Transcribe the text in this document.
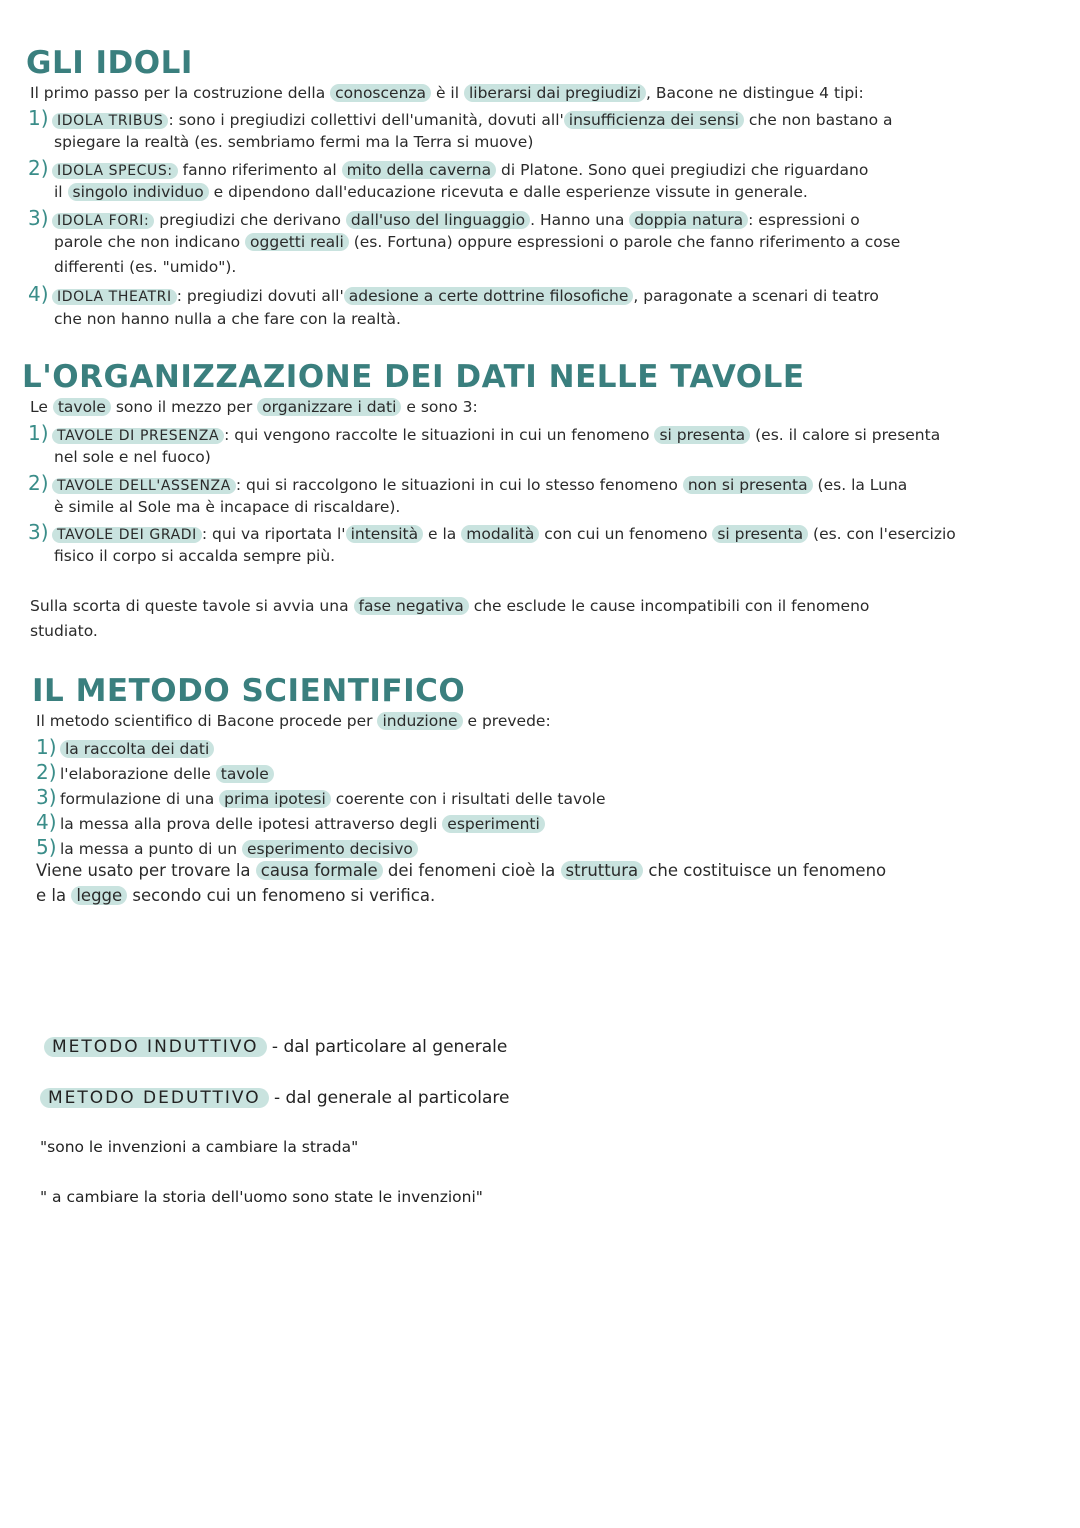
GLI IDOLI
Il primo passo per la costruzione della conoscenza è il liberarsi dai pregiudizi , Bacone ne distingue 4 tipi:
1) IDOLA TRIBUS : sono i pregiudizi collettivi dell'umanità, dovuti all' insufficienza dei sensi che non bastano a
spiegare la realtà (es. sembriamo fermi ma la Terra si muove)
2) IDOLA SPECUS: fanno riferimento al mito della caverna di Platone. Sono quei pregiudizi che riguardano
il singolo individuo e dipendono dall'educazione ricevuta e dalle esperienze vissute in generale.
3) IDOLA FORI: pregiudizi che derivano dall'uso del linguaggio . Hanno una doppia natura : espressioni o
parole che non indicano oggetti reali (es. Fortuna) oppure espressioni o parole che fanno riferimento a cose
differenti (es. "umido").
4) IDOLA THEATRI : pregiudizi dovuti all' adesione a certe dottrine filosofiche , paragonate a scenari di teatro
che non hanno nulla a che fare con la realtà.
L'ORGANIZZAZIONE DEI DATI NELLE TAVOLE
Le tavole sono il mezzo per organizzare i dati e sono 3:
1) TAVOLE DI PRESENZA : qui vengono raccolte le situazioni in cui un fenomeno si presenta (es. il calore si presenta
nel sole e nel fuoco)
2) TAVOLE DELL'ASSENZA : qui si raccolgono le situazioni in cui lo stesso fenomeno non si presenta (es. la Luna
è simile al Sole ma è incapace di riscaldare).
3) TAVOLE DEI GRADI : qui va riportata l' intensità e la modalità con cui un fenomeno si presenta (es. con l'esercizio
fisico il corpo si accalda sempre più.
Sulla scorta di queste tavole si avvia una fase negativa che esclude le cause incompatibili con il fenomeno
studiato.
IL METODO SCIENTIFICO
Il metodo scientifico di Bacone procede per induzione e prevede:
1) la raccolta dei dati
2) l'elaborazione delle tavole
3) formulazione di una prima ipotesi coerente con i risultati delle tavole
4) la messa alla prova delle ipotesi attraverso degli esperimenti
5) la messa a punto di un esperimento decisivo
Viene usato per trovare la causa formale dei fenomeni cioè la struttura che costituisce un fenomeno
e la legge secondo cui un fenomeno si verifica.
METODO INDUTTIVO - dal particolare al generale
METODO DEDUTTIVO - dal generale al particolare
"sono le invenzioni a cambiare la strada"
" a cambiare la storia dell'uomo sono state le invenzioni"
